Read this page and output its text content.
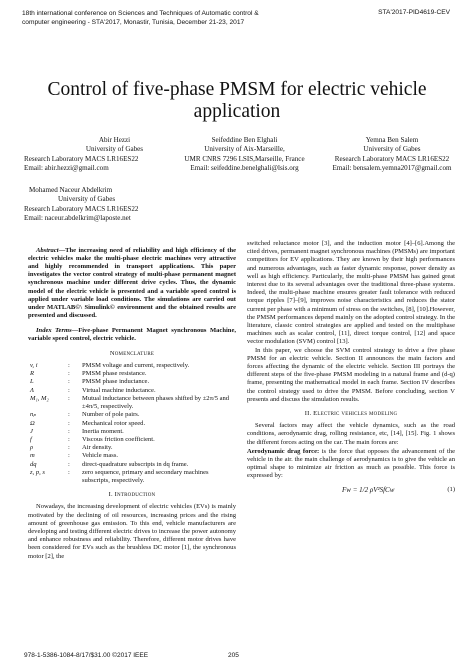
18th international conference on Sciences and Techniques of Automatic control &
computer engineering - STA'2017, Monastir, Tunisia, December 21-23, 2017
STA'2017-PID4619-CEV
Control of five-phase PMSM for electric vehicle
application
Abir Hezzi
University of Gabes
Research Laboratory MACS LR16ES22
Email: abir.hezzi@gmail.com
Seifeddine Ben Elghali
University of Aix-Marseille,
UMR CNRS 7296 LSIS,Marseille, France
Email: seifeddine.benelghali@lsis.org
Yemna Ben Salem
University of Gabes
Research Laboratory MACS LR16ES22
Email: bensalem.yemna2017@gmail.com
Mohamed Naceur Abdelkrim
University of Gabes
Research Laboratory MACS LR16ES22
Email: naceur.abdelkrim@laposte.net

Abstract—The increasing need of reliability and high efficiency of the electric vehicles make the multi-phase electric machines very attractive and highly recommended in transport applications. This paper investigates the vector control strategy of multi-phase permanent magnet synchronous machine under different drive cycles. Thus, the dynamic model of the electric vehicle is presented and a variable speed control is applied under variable load conditions. The simulations are carried out under MATLAB©\ Simulink© environment and the obtained results are presented and discussed.

Index Terms—Five-phase Permanent Magnet synchronous Machine, variable speed control, electric vehicle.

Nomenclature
v, i	:	PMSM voltage and current, respectively.
R	:	PMSM phase resistance.
L	:	PMSM phase inductance.
Λ	:	Virtual machine inductance.
M₁, M₂	:	Mutual inductance between phases shifted by ±2π/5 and ±4π/5, respectively.
nₚ	:	Number of pole pairs.
Ω	:	Mechanical rotor speed.
J	:	Inertia moment.
f	:	Viscous friction coefficient.
ρ	:	Air density.
m	:	Vehicle mass.
dq	:	direct-quadrature subscripts in dq frame.
z, p, s	:	zero sequence, primary and secondary machines subscripts, respectively.
I. Introduction

Nowadays, the increasing development of electric vehicles (EVs) is mainly motivated by the declining of oil resources, increasing prices and the rising amount of greenhouse gas emission. To this end, vehicle manufacturers are developing and testing different electric drives to increase the power autonomy and enhance robustness and reliability. Therefore, different motor drives have been considered for EVs such as the brushless DC motor [1], the synchronous motor [2], the

switched reluctance motor [3], and the induction motor [4]–[6].Among the cited drives, permanent magnet synchronous machines (PMSMs) are important competitors for EV applications. They are known by their high performances and numerous advantages, such as faster dynamic response, power density as well as high efficiency. Particularly, the multi-phase PMSM has gained great interest due to its several advantages over the traditional three-phase systems. Indeed, the multi-phase machine ensures greater fault tolerance with reduced torque ripples [7]–[9], improves noise characteristics and reduces the stator current per phase with a minimum of stress on the switches, [8], [10].However, the PMSM performances depend mainly on the adopted control strategy. In the literature, classic control strategies are applied and tested on the multiphase machines such as scalar control, [11], direct torque control, [12] and space vector modulation (SVM) control [13].

In this paper, we choose the SVM control strategy to drive a five phase PMSM for an electric vehicle. Section II announces the main factors and forces affecting the dynamic of the electric vehicle. Section III portrays the different steps of the five-phase PMSM modeling in a natural frame and (d-q) frame, presenting the mathematical model in each frame. Section IV describes the control strategy used to drive the PMSM. Before concluding, section V presents and discuss the simulation results.

II. Electric vehicles modeling

Several factors may affect the vehicle dynamics, such as the road conditions, aerodynamic drag, rolling resistance, etc, [14], [15]. Fig. 1 shows the different forces acting on the car. The main forces are:

Aerodynamic drag force: is the force that opposes the advancement of the vehicle in the air. the main challenge of aerodynamics is to give the vehicle an optimal shape to minimize air friction as much as possible. This force is expressed by:

Fw = 1/2 ρV²SfCw	(1)
978-1-5386-1084-8/17/$31.00 ©2017 IEEE	205
